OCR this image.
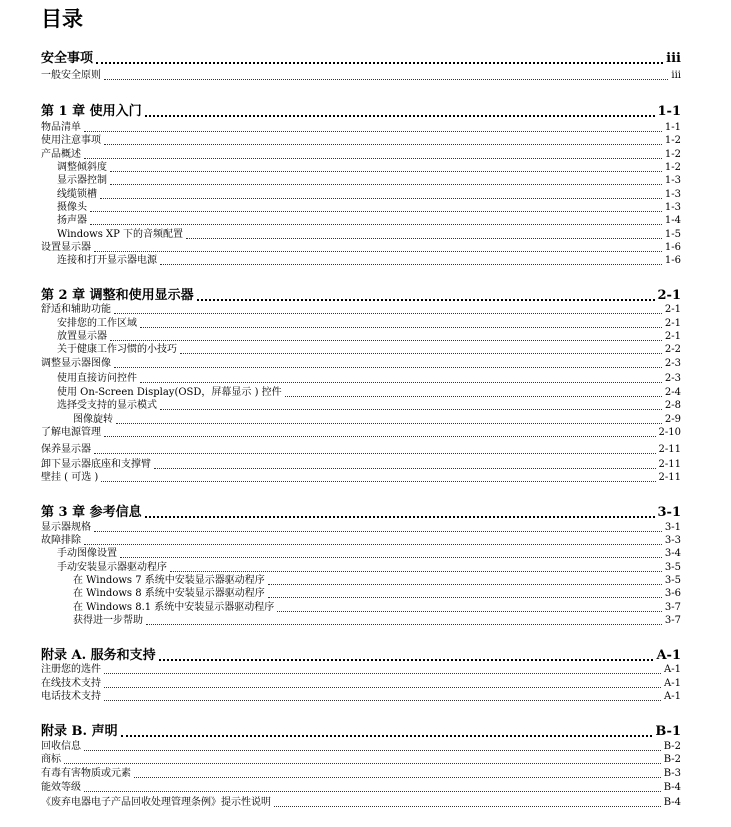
目录
安全事项	iii
一般安全原则	iii
第 1 章 使用入门	1-1
物品清单	1-1
使用注意事项	1-2
产品概述	1-2
调整倾斜度	1-2
显示器控制	1-3
线缆锁槽	1-3
摄像头	1-3
扬声器	1-4
Windows XP 下的音频配置	1-5
设置显示器	1-6
连接和打开显示器电源	1-6
第 2 章 调整和使用显示器	2-1
舒适和辅助功能	2-1
安排您的工作区域	2-1
放置显示器	2-1
关于健康工作习惯的小技巧	2-2
调整显示器图像	2-3
使用直接访问控件	2-3
使用 On-Screen Display(OSD，屏幕显示 ) 控件	2-4
选择受支持的显示模式	2-8
图像旋转	2-9
了解电源管理	2-10
保养显示器	2-11
卸下显示器底座和支撑臂	2-11
壁挂 ( 可选 )	2-11
第 3 章 参考信息	3-1
显示器规格	3-1
故障排除	3-3
手动图像设置	3-4
手动安装显示器驱动程序	3-5
在 Windows 7 系统中安装显示器驱动程序	3-5
在 Windows 8 系统中安装显示器驱动程序	3-6
在 Windows 8.1 系统中安装显示器驱动程序	3-7
获得进一步帮助	3-7
附录 A. 服务和支持	A-1
注册您的选件	A-1
在线技术支持	A-1
电话技术支持	A-1
附录 B. 声明	B-1
回收信息	B-2
商标	B-2
有毒有害物质或元素	B-3
能效等级	B-4
《废弃电器电子产品回收处理管理条例》提示性说明	B-4
